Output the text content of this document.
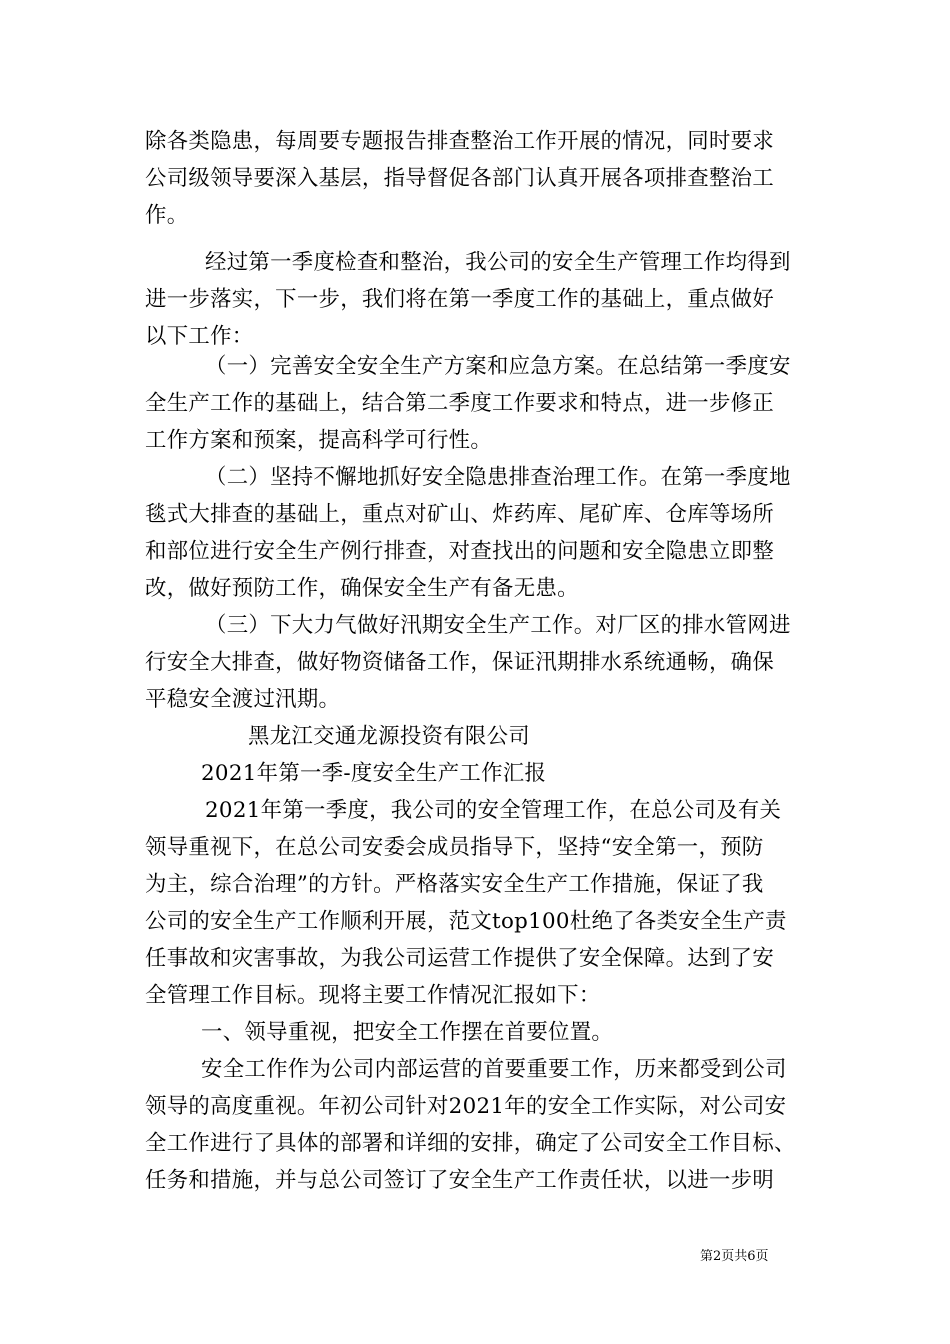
除各类隐患，每周要专题报告排查整治工作开展的情况，同时要求
公司级领导要深入基层，指导督促各部门认真开展各项排查整治工
作。
经过第一季度检查和整治，我公司的安全生产管理工作均得到
进一步落实，下一步，我们将在第一季度工作的基础上，重点做好
以下工作：
（一）完善安全安全生产方案和应急方案。在总结第一季度安
全生产工作的基础上，结合第二季度工作要求和特点，进一步修正
工作方案和预案，提高科学可行性。
（二）坚持不懈地抓好安全隐患排查治理工作。在第一季度地
毯式大排查的基础上，重点对矿山、炸药库、尾矿库、仓库等场所
和部位进行安全生产例行排查，对查找出的问题和安全隐患立即整
改，做好预防工作，确保安全生产有备无患。
（三）下大力气做好汛期安全生产工作。对厂区的排水管网进
行安全大排查，做好物资储备工作，保证汛期排水系统通畅，确保
平稳安全渡过汛期。
黑龙江交通龙源投资有限公司
2021年第一季-度安全生产工作汇报
2021年第一季度，我公司的安全管理工作，在总公司及有关
领导重视下，在总公司安委会成员指导下，坚持“安全第一，预防
为主，综合治理”的方针。严格落实安全生产工作措施，保证了我
公司的安全生产工作顺利开展，范文top100杜绝了各类安全生产责
任事故和灾害事故，为我公司运营工作提供了安全保障。达到了安
全管理工作目标。现将主要工作情况汇报如下：
一、领导重视，把安全工作摆在首要位置。
安全工作作为公司内部运营的首要重要工作，历来都受到公司
领导的高度重视。年初公司针对2021年的安全工作实际，对公司安
全工作进行了具体的部署和详细的安排，确定了公司安全工作目标、
任务和措施，并与总公司签订了安全生产工作责任状，以进一步明
第2页共6页
